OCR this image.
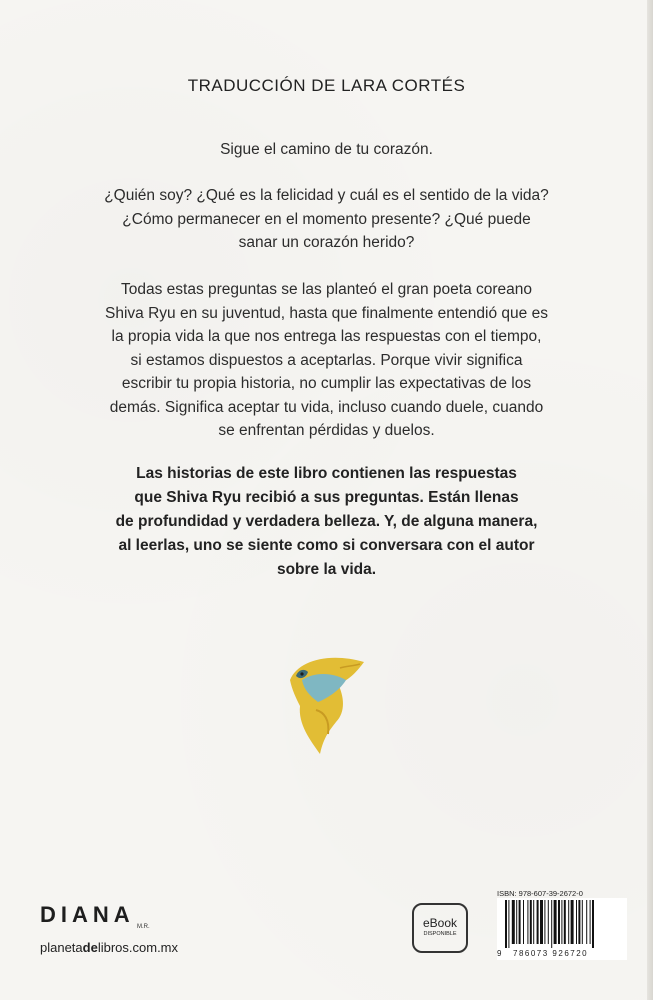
TRADUCCIÓN DE LARA CORTÉS

Sigue el camino de tu corazón.

¿Quién soy? ¿Qué es la felicidad y cuál es el sentido de la vida?

¿Cómo permanecer en el momento presente? ¿Qué puede

sanar un corazón herido?

Todas estas preguntas se las planteó el gran poeta coreano

Shiva Ryu en su juventud, hasta que finalmente entendió que es

la propia vida la que nos entrega las respuestas con el tiempo,

si estamos dispuestos a aceptarlas. Porque vivir significa

escribir tu propia historia, no cumplir las expectativas de los

demás. Significa aceptar tu vida, incluso cuando duele, cuando

se enfrentan pérdidas y duelos.

Las historias de este libro contienen las respuestas

que Shiva Ryu recibió a sus preguntas. Están llenas

de profundidad y verdadera belleza. Y, de alguna manera,

al leerlas, uno se siente como si conversara con el autor

sobre la vida.

DIANA M.R.
planetadelibros.com.mx
eBook
DISPONIBLE
ISBN: 978-607-39-2672-0
9	786073 926720
